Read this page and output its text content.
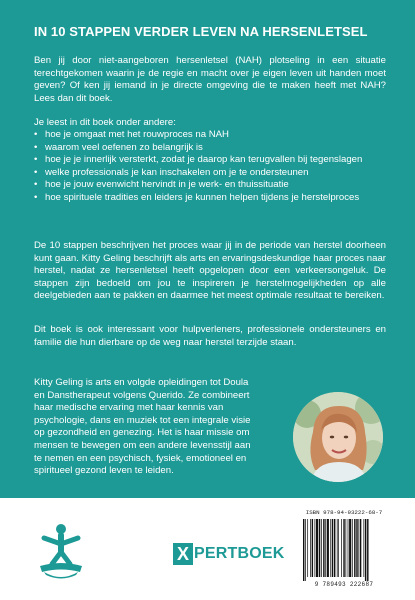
IN 10 STAPPEN VERDER LEVEN NA HERSENLETSEL
Ben jij door niet-aangeboren hersenletsel (NAH) plotseling in een situatie terechtgekomen waarin je de regie en macht over je eigen leven uit handen moet geven? Of ken jij iemand in je directe omgeving die te maken heeft met NAH? Lees dan dit boek.
Je leest in dit boek onder andere:
• hoe je omgaat met het rouwproces na NAH
• waarom veel oefenen zo belangrijk is
• hoe je je innerlijk versterkt, zodat je daarop kan terugvallen bij tegenslagen
• welke professionals je kan inschakelen om je te ondersteunen
• hoe je jouw evenwicht hervindt in je werk- en thuissituatie
• hoe spirituele tradities en leiders je kunnen helpen tijdens je herstelproces
De 10 stappen beschrijven het proces waar jij in de periode van herstel doorheen kunt gaan. Kitty Geling beschrijft als arts en ervaringsdeskundige haar proces naar herstel, nadat ze hersenletsel heeft opgelopen door een verkeersongeluk. De stappen zijn bedoeld om jou te inspireren je herstelmogelijkheden op alle deelgebieden aan te pakken en daarmee het meest optimale resultaat te bereiken.
Dit boek is ook interessant voor hulpverleners, professionele ondersteuners en familie die hun dierbare op de weg naar herstel terzijde staan.
Kitty Geling is arts en volgde opleidingen tot Doula
en Danstherapeut volgens Querido. Ze combineert
haar medische ervaring met haar kennis van
psychologie, dans en muziek tot een integrale visie
op gezondheid en genezing. Het is haar missie om
mensen te bewegen om een andere levensstijl aan
te nemen en een psychisch, fysiek, emotioneel en
spiritueel gezond leven te leiden.
X PERTBOEK
ISBN 978-94-93222-68-7
9 789493 222687
